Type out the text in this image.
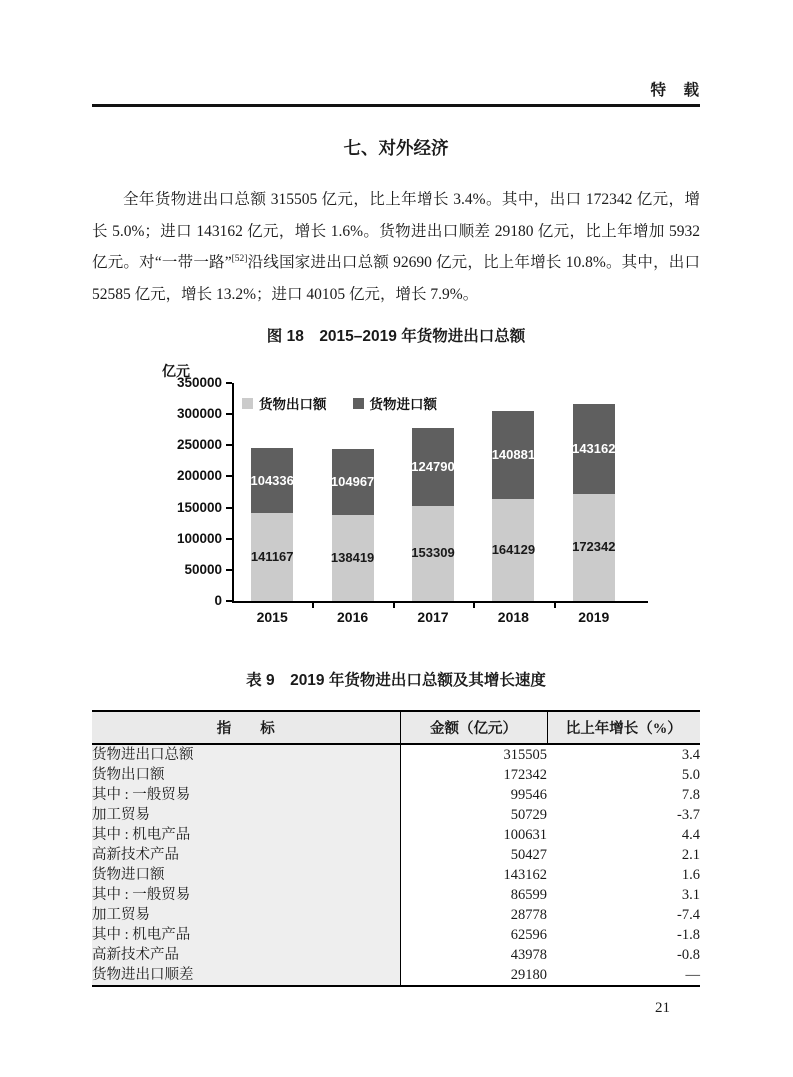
特　载
七、对外经济

全年货物进出口总额 315505 亿元，比上年增长 3.4%。其中，出口 172342 亿元，增长 5.0%；进口 143162 亿元，增长 1.6%。货物进出口顺差 29180 亿元，比上年增加 5932 亿元。对“一带一路”[52]沿线国家进出口总额 92690 亿元，比上年增长 10.8%。其中，出口 52585 亿元，增长 13.2%；进口 40105 亿元，增长 7.9%。

图 18　2015–2019 年货物进出口总额
亿元
350000
300000
250000
200000
150000
100000
50000
0
2015
141167
104336
2016
138419
104967
2017
153309
124790
2018
164129
140881
2019
172342
143162
货物出口额	货物进口额
表 9　2019 年货物进出口总额及其增长速度
指　　标	金额（亿元）	比上年增长（%）
货物进出口总额	315505	3.4
货物出口额	172342	5.0
其中 : 一般贸易	99546	7.8
加工贸易	50729	-3.7
其中 : 机电产品	100631	4.4
高新技术产品	50427	2.1
货物进口额	143162	1.6
其中 : 一般贸易	86599	3.1
加工贸易	28778	-7.4
其中 : 机电产品	62596	-1.8
高新技术产品	43978	-0.8
货物进出口顺差	29180	—
21
